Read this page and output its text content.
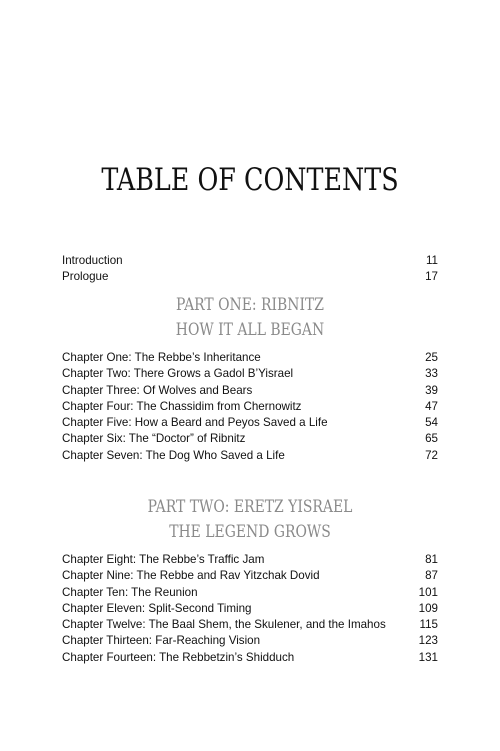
TABLE OF CONTENTS
Introduction	11
Prologue	17
PART ONE: RIBNITZ
HOW IT ALL BEGAN
Chapter One: The Rebbe’s Inheritance	25
Chapter Two: There Grows a Gadol B’Yisrael	33
Chapter Three: Of Wolves and Bears	39
Chapter Four: The Chassidim from Chernowitz	47
Chapter Five: How a Beard and Peyos Saved a Life	54
Chapter Six: The “Doctor” of Ribnitz	65
Chapter Seven: The Dog Who Saved a Life	72
PART TWO: ERETZ YISRAEL
THE LEGEND GROWS
Chapter Eight: The Rebbe’s Traffic Jam	81
Chapter Nine: The Rebbe and Rav Yitzchak Dovid	87
Chapter Ten: The Reunion	101
Chapter Eleven: Split-Second Timing	109
Chapter Twelve: The Baal Shem, the Skulener, and the Imahos	115
Chapter Thirteen: Far-Reaching Vision	123
Chapter Fourteen: The Rebbetzin’s Shidduch	131
